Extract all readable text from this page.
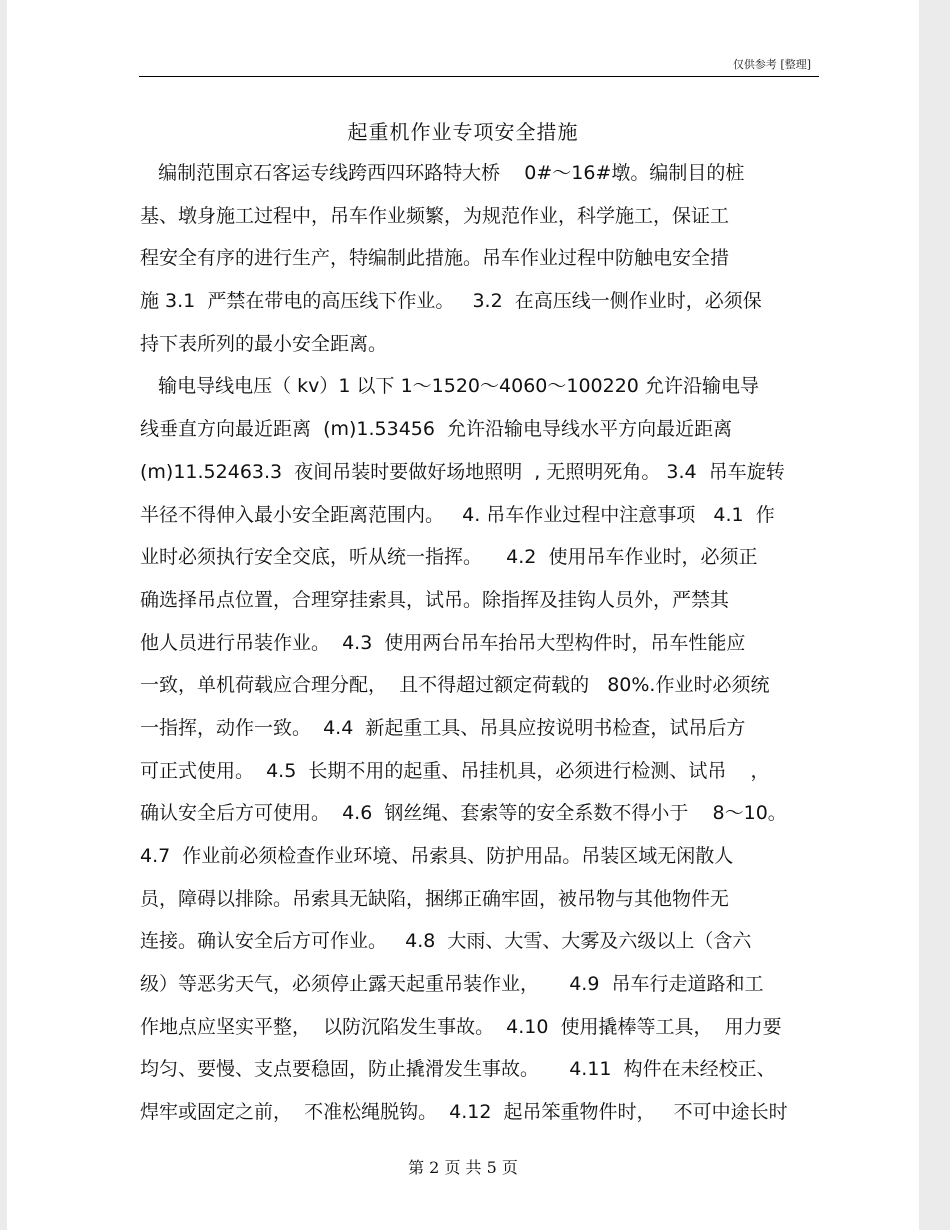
仅供参考 [整理]
起重机作业专项安全措施
编制范围京石客运专线跨西四环路特大桥    0#～16#墩。编制目的桩
基、墩身施工过程中，吊车作业频繁，为规范作业，科学施工，保证工
程安全有序的进行生产，特编制此措施。吊车作业过程中防触电安全措
施 3.1  严禁在带电的高压线下作业。   3.2  在高压线一侧作业时，必须保
持下表所列的最小安全距离。
输电导线电压（ kv）1 以下 1～1520～4060～100220 允许沿输电导
线垂直方向最近距离  (m)1.53456  允许沿输电导线水平方向最近距离
(m)11.52463.3  夜间吊装时要做好场地照明  , 无照明死角。 3.4  吊车旋转
半径不得伸入最小安全距离范围内。   4. 吊车作业过程中注意事项   4.1  作
业时必须执行安全交底，听从统一指挥。    4.2  使用吊车作业时，必须正
确选择吊点位置，合理穿挂索具，试吊。除指挥及挂钩人员外，严禁其
他人员进行吊装作业。  4.3  使用两台吊车抬吊大型构件时，吊车性能应
一致，单机荷载应合理分配，  且不得超过额定荷载的   80%.作业时必须统
一指挥，动作一致。  4.4  新起重工具、吊具应按说明书检查，试吊后方
可正式使用。  4.5  长期不用的起重、吊挂机具，必须进行检测、试吊    ，
确认安全后方可使用。  4.6  钢丝绳、套索等的安全系数不得小于    8～10。
4.7  作业前必须检查作业环境、吊索具、防护用品。吊装区域无闲散人
员，障碍以排除。吊索具无缺陷，捆绑正确牢固，被吊物与其他物件无
连接。确认安全后方可作业。   4.8  大雨、大雪、大雾及六级以上（含六
级）等恶劣天气，必须停止露天起重吊装作业，     4.9  吊车行走道路和工
作地点应坚实平整，  以防沉陷发生事故。  4.10  使用撬棒等工具，  用力要
均匀、要慢、支点要稳固，防止撬滑发生事故。     4.11  构件在未经校正、
焊牢或固定之前，  不准松绳脱钩。  4.12  起吊笨重物件时，   不可中途长时
第 2 页 共 5 页
